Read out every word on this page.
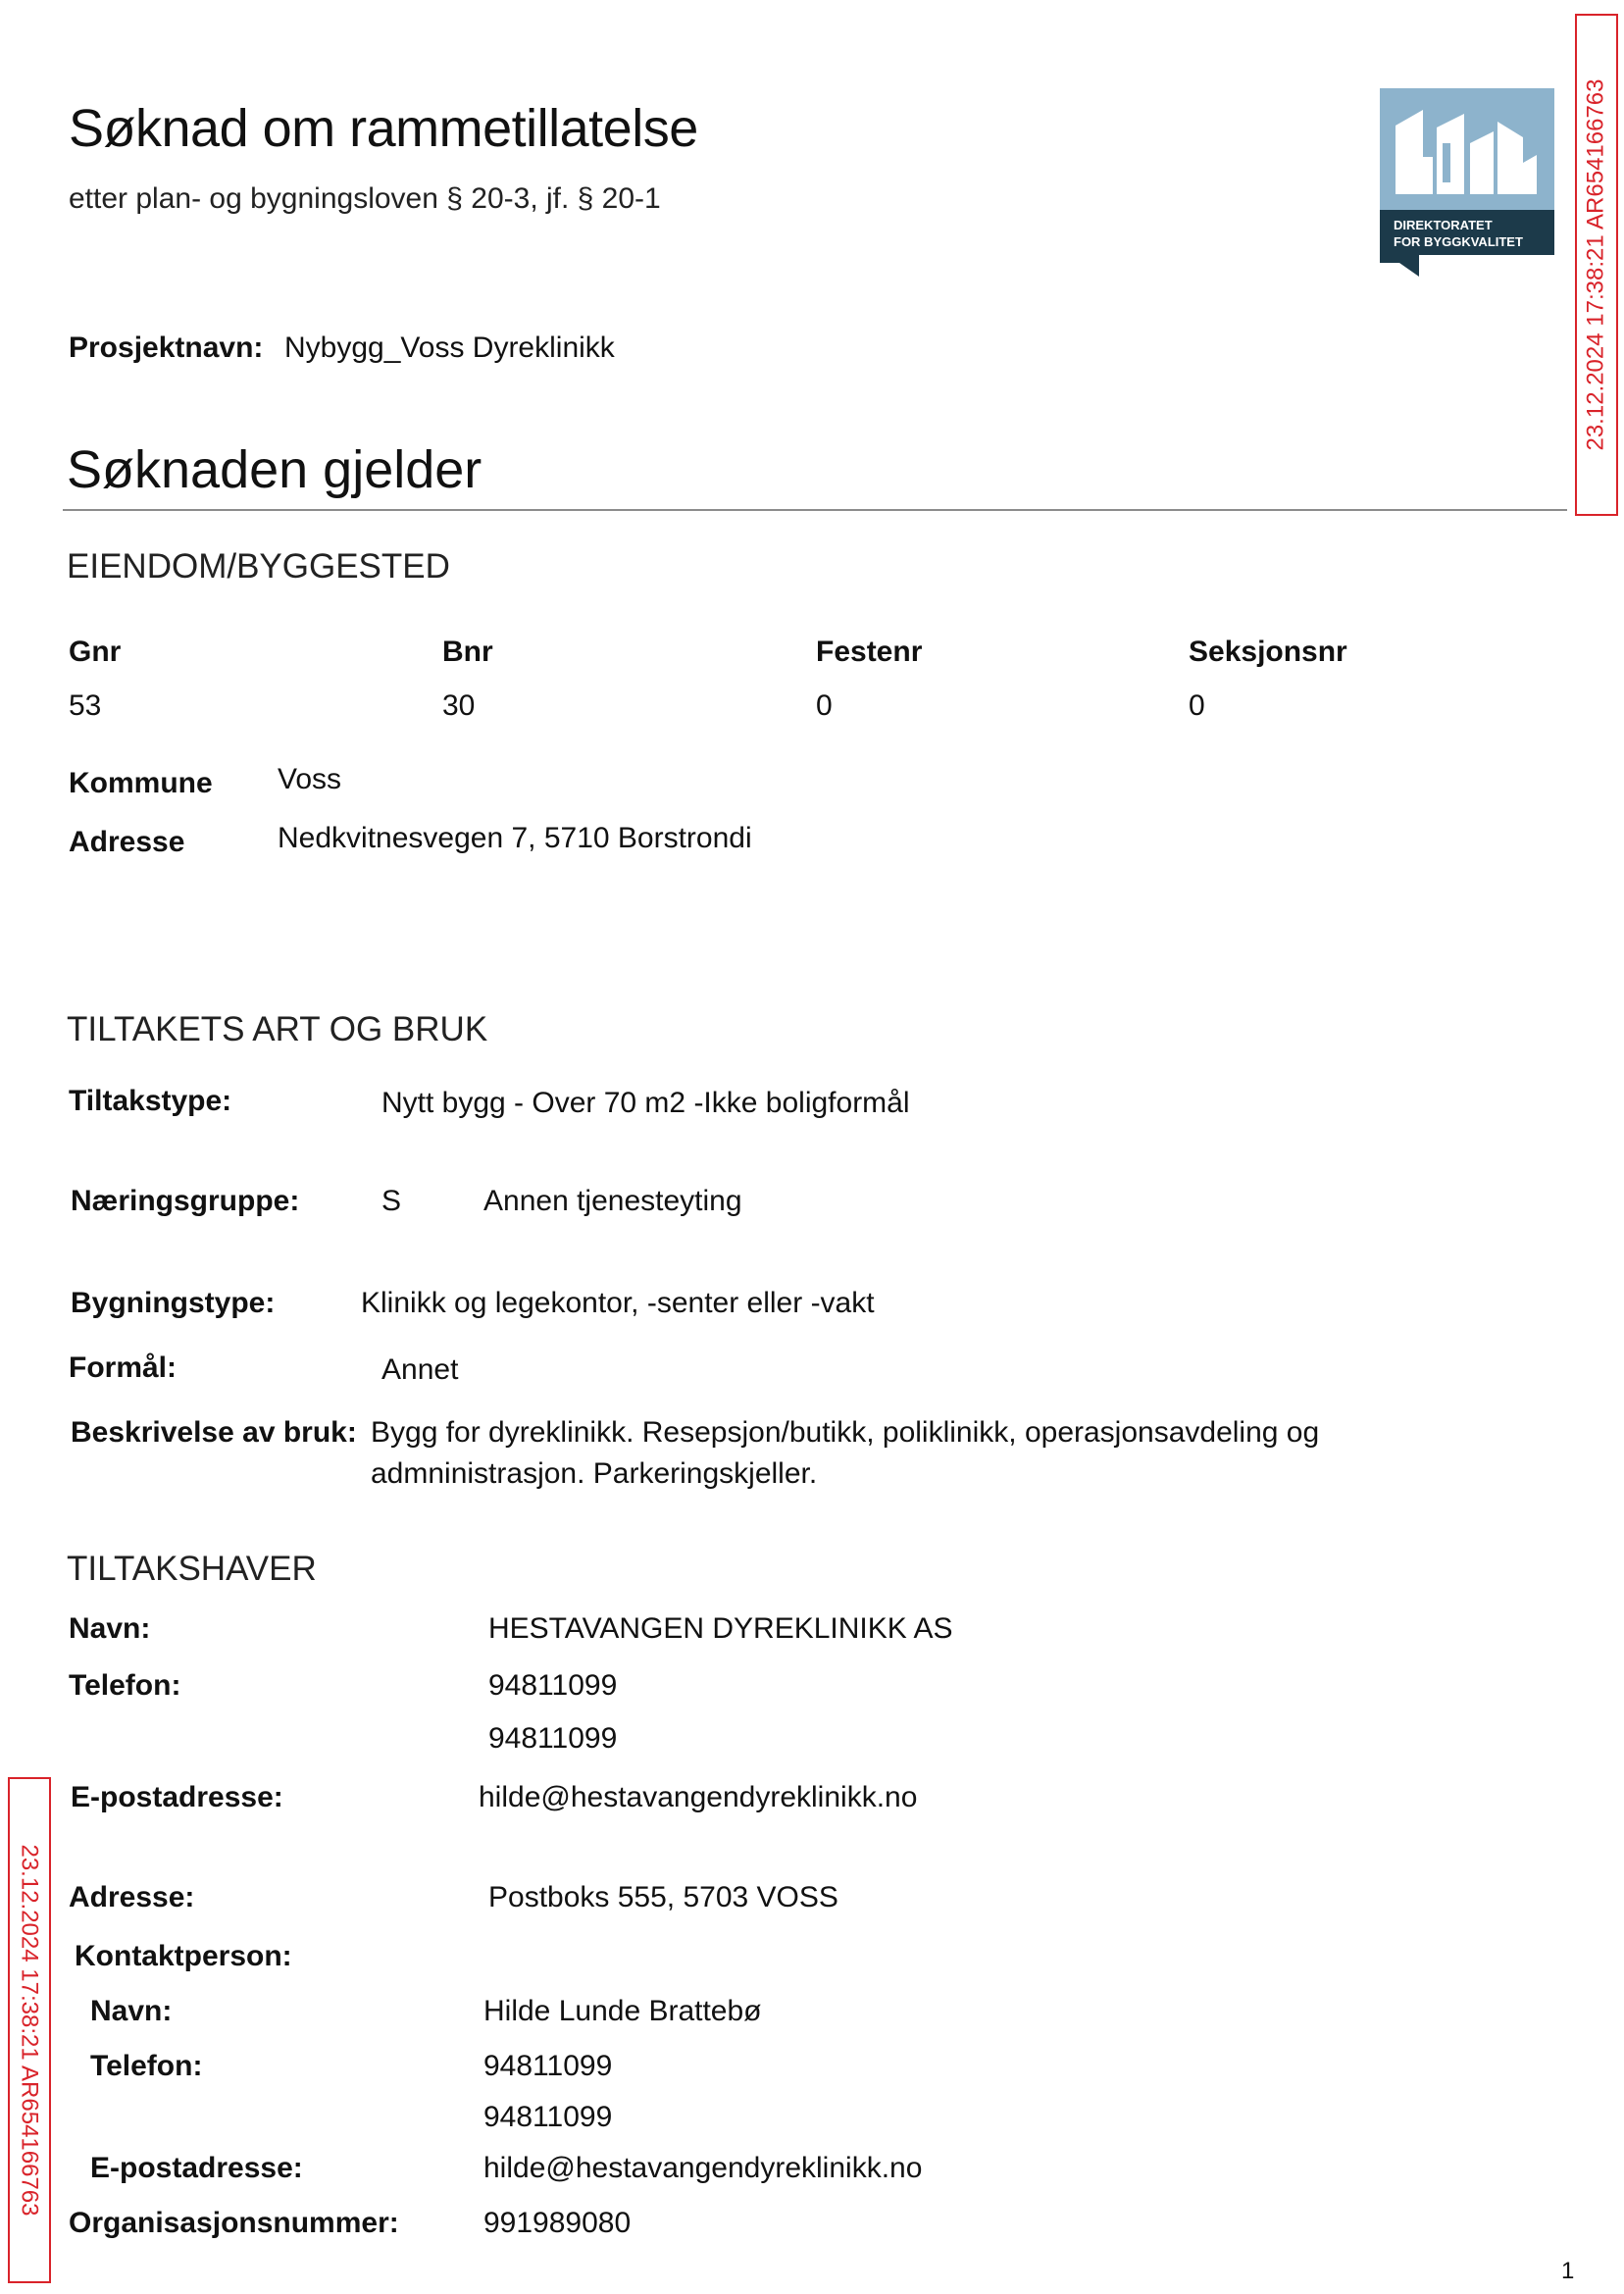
Søknad om rammetillatelse
etter plan- og bygningsloven § 20-3, jf. § 20-1
DIREKTORATET
FOR BYGGKVALITET
Prosjektnavn: Nybygg_Voss Dyreklinikk
Søknaden gjelder
EIENDOM/BYGGESTED
Gnr	Bnr	Festenr	Seksjonsnr
53	30	0	0
Kommune Voss
Adresse	Nedkvitnesvegen 7, 5710 Borstrondi
TILTAKETS ART OG BRUK
Tiltakstype:	Nytt bygg - Over 70 m2 -Ikke boligformål
Næringsgruppe:	S	Annen tjenesteyting
Bygningstype:	Klinikk og legekontor, -senter eller -vakt
Formål:	Annet
Beskrivelse av bruk: Bygg for dyreklinikk. Resepsjon/butikk, poliklinikk, operasjonsavdeling og
admninistrasjon. Parkeringskjeller.
TILTAKSHAVER
Navn:	HESTAVANGEN DYREKLINIKK AS
Telefon:	94811099
94811099
E-postadresse:	hilde@hestavangendyreklinikk.no
Adresse:	Postboks 555, 5703 VOSS
Kontaktperson:
Navn:	Hilde Lunde Brattebø
Telefon:	94811099
94811099
E-postadresse:	hilde@hestavangendyreklinikk.no
Organisasjonsnummer:	991989080
23.12.2024 17:38:21 AR654166763
23.12.2024 17:38:21 AR654166763
1
